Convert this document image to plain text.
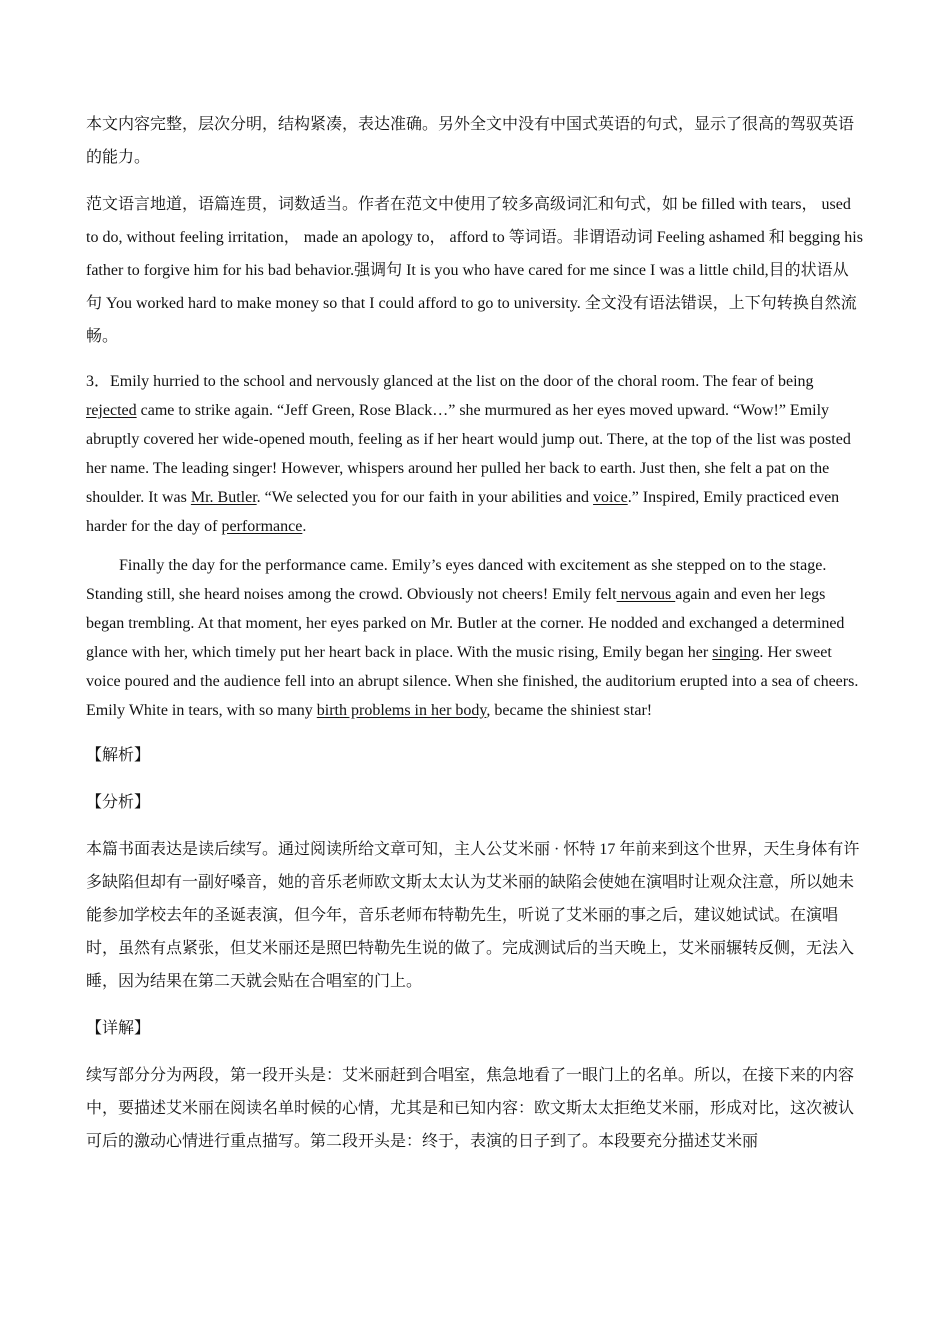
本文内容完整，层次分明，结构紧凑，表达准确。另外全文中没有中国式英语的句式，显示了很高的驾驭英语的能力。

范文语言地道，语篇连贯，词数适当。作者在范文中使用了较多高级词汇和句式，如 be filled with tears， used to do, without feeling irritation， made an apology to， afford to 等词语。非谓语动词 Feeling ashamed 和 begging his father to forgive him for his bad behavior.强调句 It is you who have cared for me since I was a little child,目的状语从句 You worked hard to make money so that I could afford to go to university. 全文没有语法错误，上下句转换自然流畅。

3．Emily hurried to the school and nervously glanced at the list on the door of the choral room. The fear of being rejected came to strike again. “Jeff Green, Rose Black…” she murmured as her eyes moved upward. “Wow!” Emily abruptly covered her wide-opened mouth, feeling as if her heart would jump out. There, at the top of the list was posted her name. The leading singer! However, whispers around her pulled her back to earth. Just then, she felt a pat on the shoulder. It was Mr. Butler. “We selected you for our faith in your abilities and voice.” Inspired, Emily practiced even harder for the day of performance.

Finally the day for the performance came. Emily’s eyes danced with excitement as she stepped on to the stage. Standing still, she heard noises among the crowd. Obviously not cheers! Emily felt nervous again and even her legs began trembling. At that moment, her eyes parked on Mr. Butler at the corner. He nodded and exchanged a determined glance with her, which timely put her heart back in place. With the music rising, Emily began her singing. Her sweet voice poured and the audience fell into an abrupt silence. When she finished, the auditorium erupted into a sea of cheers. Emily White in tears, with so many birth problems in her body, became the shiniest star!

【解析】

【分析】

本篇书面表达是读后续写。通过阅读所给文章可知，主人公艾米丽 · 怀特 17 年前来到这个世界，天生身体有许多缺陷但却有一副好嗓音，她的音乐老师欧文斯太太认为艾米丽的缺陷会使她在演唱时让观众注意，所以她未能参加学校去年的圣诞表演，但今年，音乐老师布特勒先生，听说了艾米丽的事之后，建议她试试。在演唱时，虽然有点紧张，但艾米丽还是照巴特勒先生说的做了。完成测试后的当天晚上，艾米丽辗转反侧，无法入睡，因为结果在第二天就会贴在合唱室的门上。

【详解】

续写部分分为两段，第一段开头是：艾米丽赶到合唱室，焦急地看了一眼门上的名单。所以，在接下来的内容中，要描述艾米丽在阅读名单时候的心情，尤其是和已知内容：欧文斯太太拒绝艾米丽，形成对比，这次被认可后的激动心情进行重点描写。第二段开头是：终于，表演的日子到了。本段要充分描述艾米丽
